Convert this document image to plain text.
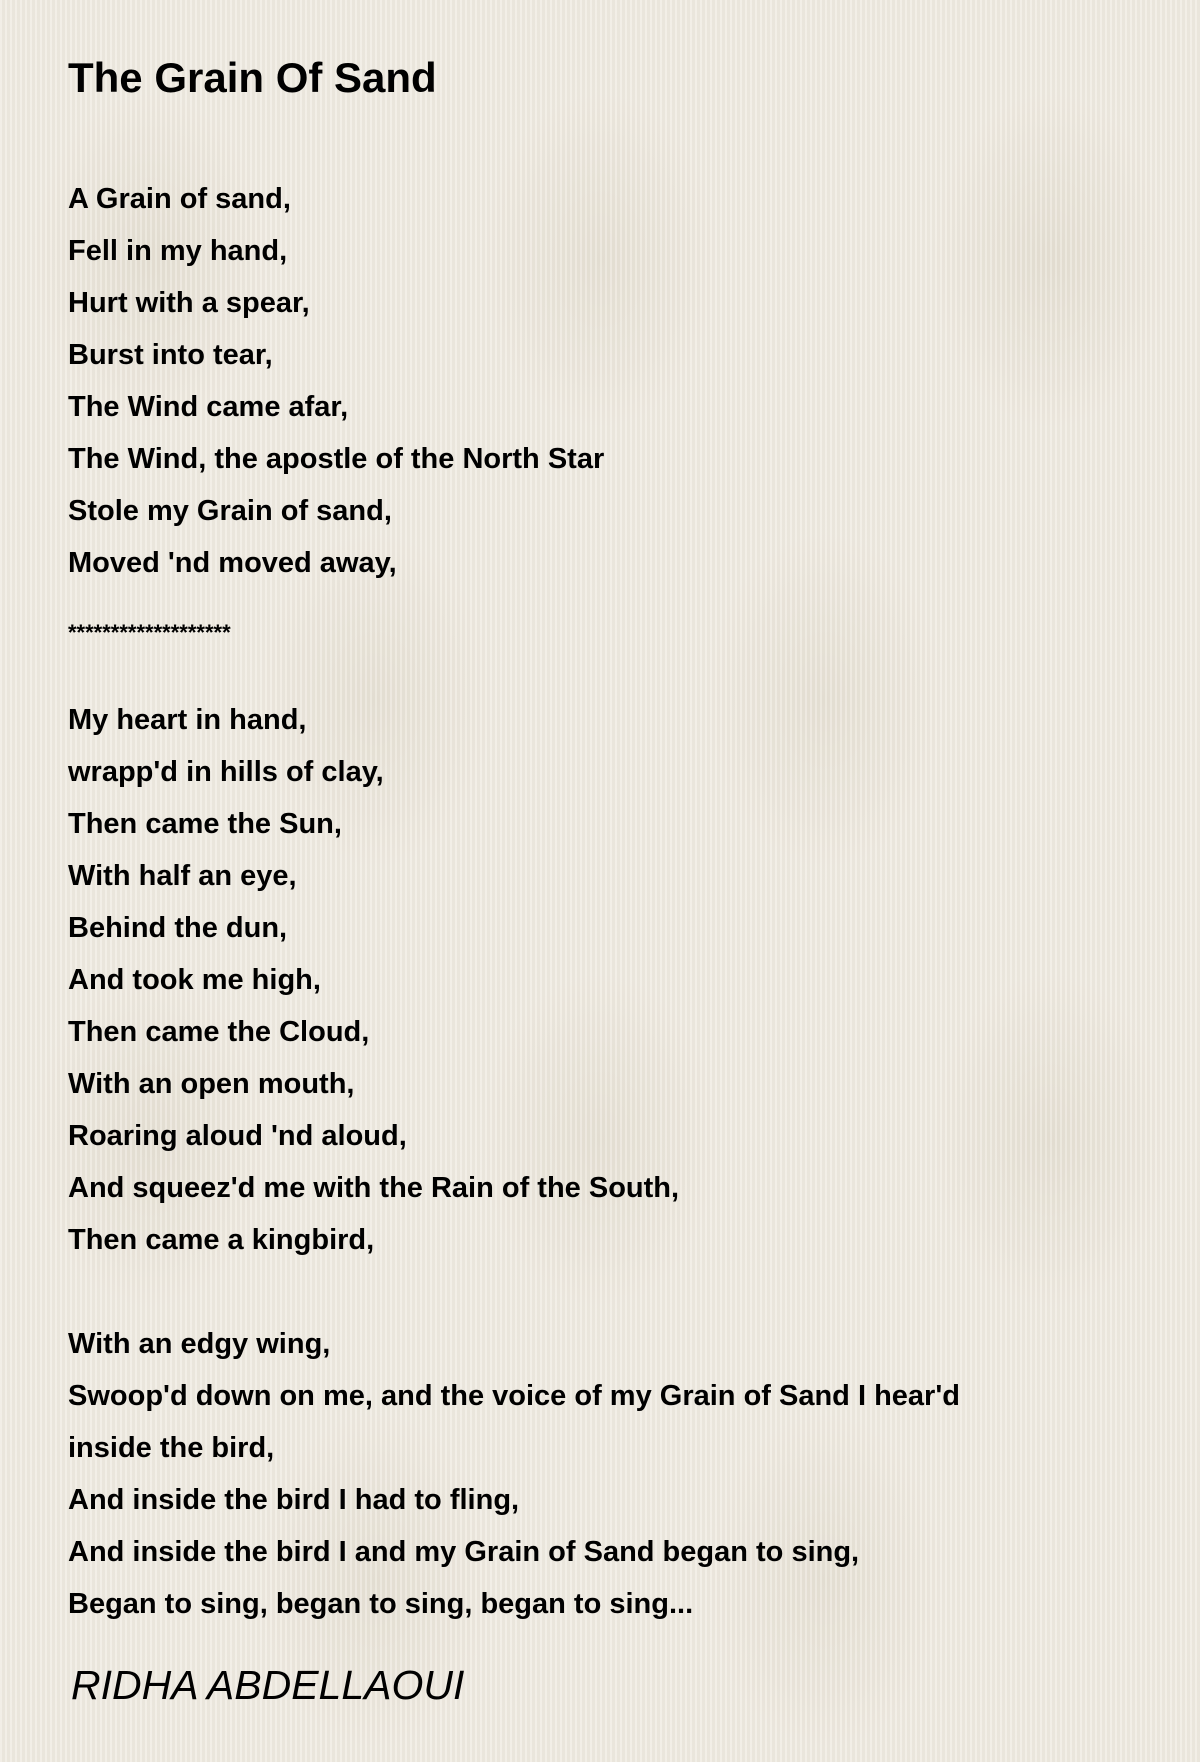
The Grain Of Sand
A Grain of sand,
Fell in my hand,
Hurt with a spear,
Burst into tear,
The Wind came afar,
The Wind, the apostle of the North Star
Stole my Grain of sand,
Moved 'nd moved away,
*******************
My heart in hand,
wrapp'd in hills of clay,
Then came the Sun,
With half an eye,
Behind the dun,
And took me high,
Then came the Cloud,
With an open mouth,
Roaring aloud 'nd aloud,
And squeez'd me with the Rain of the South,
Then came a kingbird,
With an edgy wing,
Swoop'd down on me, and the voice of my Grain of Sand I hear'd
inside the bird,
And inside the bird I had to fling,
And inside the bird I and my Grain of Sand began to sing,
Began to sing, began to sing, began to sing...

RIDHA ABDELLAOUI
